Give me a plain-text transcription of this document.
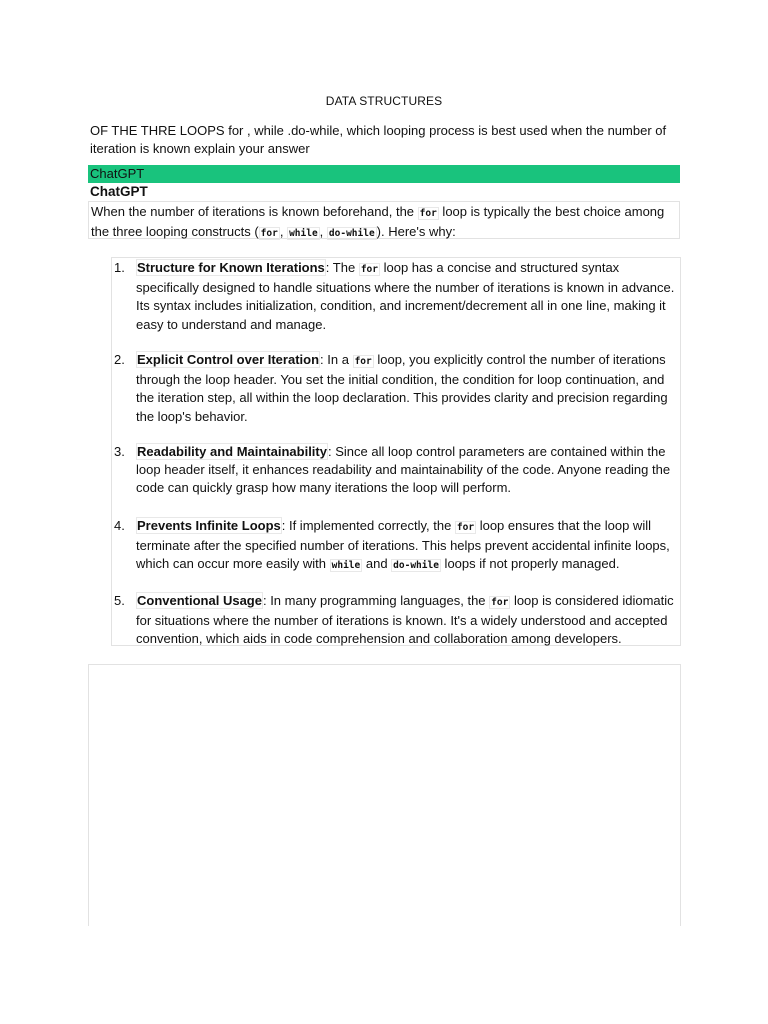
DATA STRUCTURES
OF THE THRE LOOPS for , while .do-while, which looping process is best used when the number of iteration is known explain your answer
ChatGPT
ChatGPT
When the number of iterations is known beforehand, the for loop is typically the best choice among the three looping constructs ( for , while , do-while ). Here's why:
1. Structure for Known Iterations: The for loop has a concise and structured syntax specifically designed to handle situations where the number of iterations is known in advance. Its syntax includes initialization, condition, and increment/decrement all in one line, making it easy to understand and manage.
2. Explicit Control over Iteration: In a for loop, you explicitly control the number of iterations through the loop header. You set the initial condition, the condition for loop continuation, and the iteration step, all within the loop declaration. This provides clarity and precision regarding the loop's behavior.
3. Readability and Maintainability: Since all loop control parameters are contained within the loop header itself, it enhances readability and maintainability of the code. Anyone reading the code can quickly grasp how many iterations the loop will perform.
4. Prevents Infinite Loops: If implemented correctly, the for loop ensures that the loop will terminate after the specified number of iterations. This helps prevent accidental infinite loops, which can occur more easily with while and do-while loops if not properly managed.
5. Conventional Usage: In many programming languages, the for loop is considered idiomatic for situations where the number of iterations is known. It's a widely understood and accepted convention, which aids in code comprehension and collaboration among developers.
